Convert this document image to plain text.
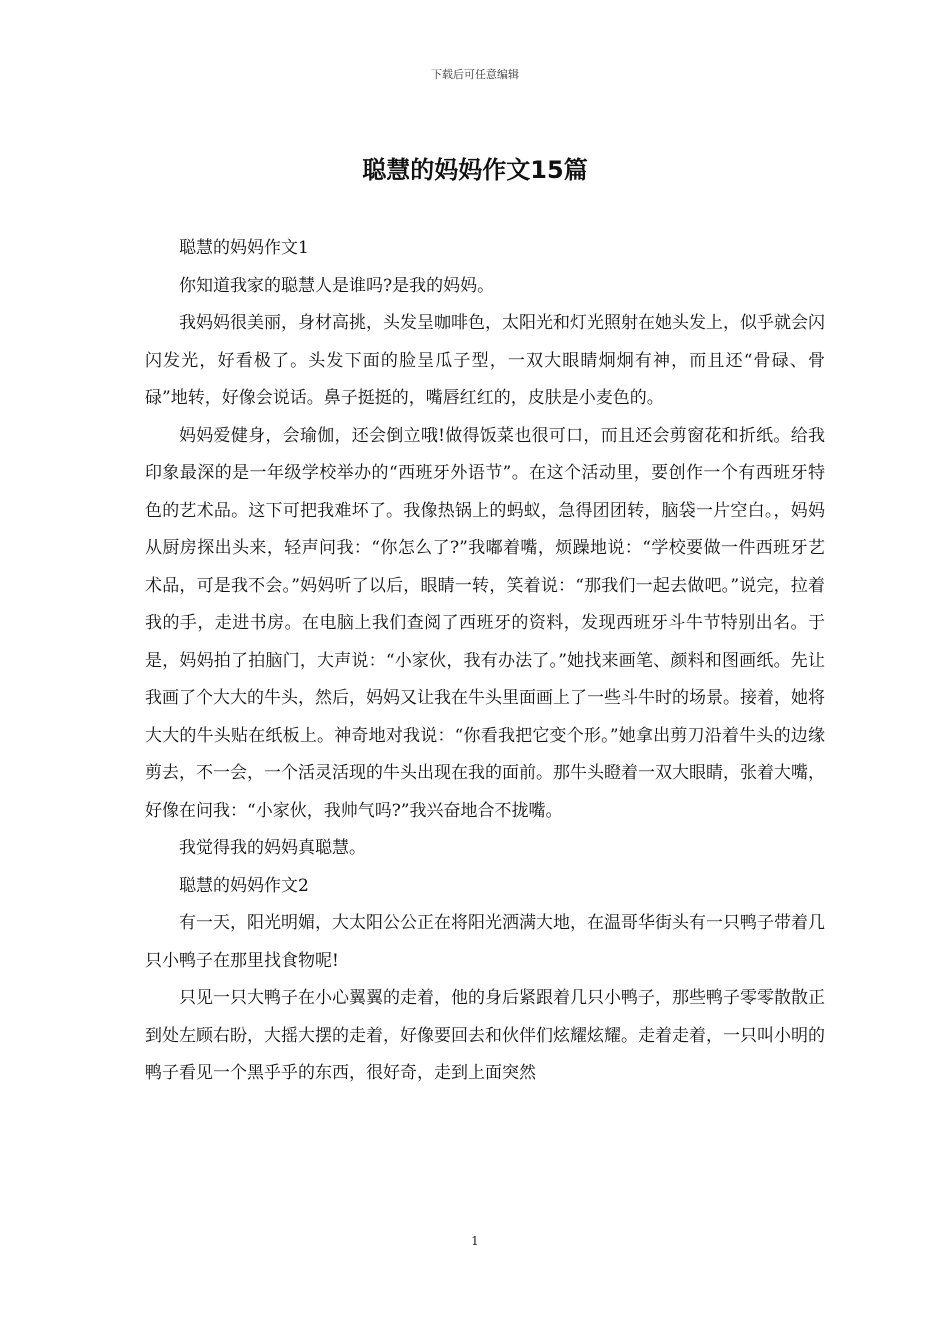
下载后可任意编辑
聪慧的妈妈作文15篇

聪慧的妈妈作文1

你知道我家的聪慧人是谁吗?是我的妈妈。

我妈妈很美丽，身材高挑，头发呈咖啡色，太阳光和灯光照射在她头发上，似乎就会闪闪发光，好看极了。头发下面的脸呈瓜子型，一双大眼睛炯炯有神，而且还“骨碌、骨碌”地转，好像会说话。鼻子挺挺的，嘴唇红红的，皮肤是小麦色的。

妈妈爱健身，会瑜伽，还会倒立哦!做得饭菜也很可口，而且还会剪窗花和折纸。给我印象最深的是一年级学校举办的“西班牙外语节”。在这个活动里，要创作一个有西班牙特色的艺术品。这下可把我难坏了。我像热锅上的蚂蚁，急得团团转，脑袋一片空白。，妈妈从厨房探出头来，轻声问我：“你怎么了?”我嘟着嘴，烦躁地说：“学校要做一件西班牙艺术品，可是我不会。”妈妈听了以后，眼睛一转，笑着说：“那我们一起去做吧。”说完，拉着我的手，走进书房。在电脑上我们查阅了西班牙的资料，发现西班牙斗牛节特别出名。于是，妈妈拍了拍脑门，大声说：“小家伙，我有办法了。”她找来画笔、颜料和图画纸。先让我画了个大大的牛头，然后，妈妈又让我在牛头里面画上了一些斗牛时的场景。接着，她将大大的牛头贴在纸板上。神奇地对我说：“你看我把它变个形。”她拿出剪刀沿着牛头的边缘剪去，不一会，一个活灵活现的牛头出现在我的面前。那牛头瞪着一双大眼睛，张着大嘴，好像在问我：“小家伙，我帅气吗?”我兴奋地合不拢嘴。

我觉得我的妈妈真聪慧。

聪慧的妈妈作文2

有一天，阳光明媚，大太阳公公正在将阳光洒满大地，在温哥华街头有一只鸭子带着几只小鸭子在那里找食物呢!

只见一只大鸭子在小心翼翼的走着，他的身后紧跟着几只小鸭子，那些鸭子零零散散正到处左顾右盼，大摇大摆的走着，好像要回去和伙伴们炫耀炫耀。走着走着，一只叫小明的鸭子看见一个黑乎乎的东西，很好奇，走到上面突然

1
